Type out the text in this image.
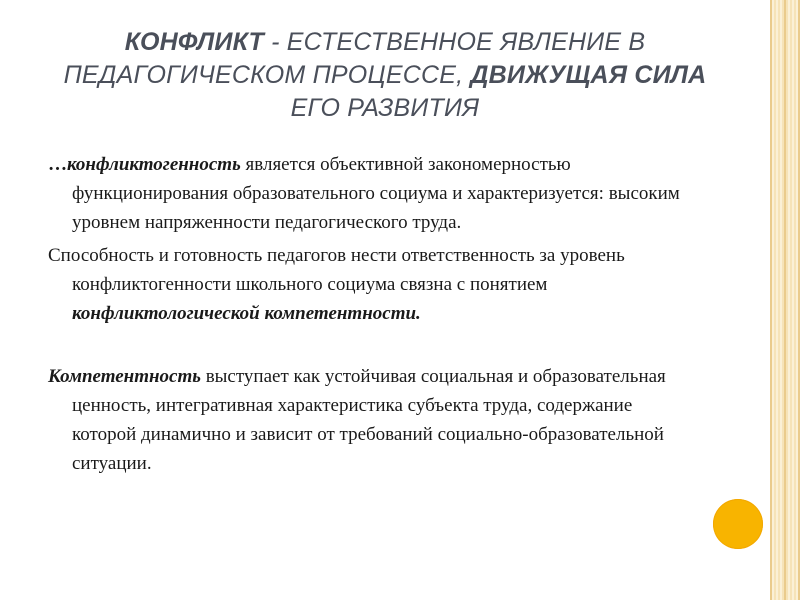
КОНФЛИКТ - ЕСТЕСТВЕННОЕ ЯВЛЕНИЕ В ПЕДАГОГИЧЕСКОМ ПРОЦЕССЕ, ДВИЖУЩАЯ СИЛА ЕГО РАЗВИТИЯ

…конфликтогенность является объективной закономерностью функционирования образовательного социума и характеризуется: высоким уровнем напряженности педагогического труда.

Способность и готовность педагогов нести ответственность за уровень конфликтогенности школьного социума связна с понятием конфликтологической компетентности.

Компетентность выступает как устойчивая социальная и образовательная ценность, интегративная характеристика субъекта труда, содержание которой динамично и зависит от требований социально-образовательной ситуации.
